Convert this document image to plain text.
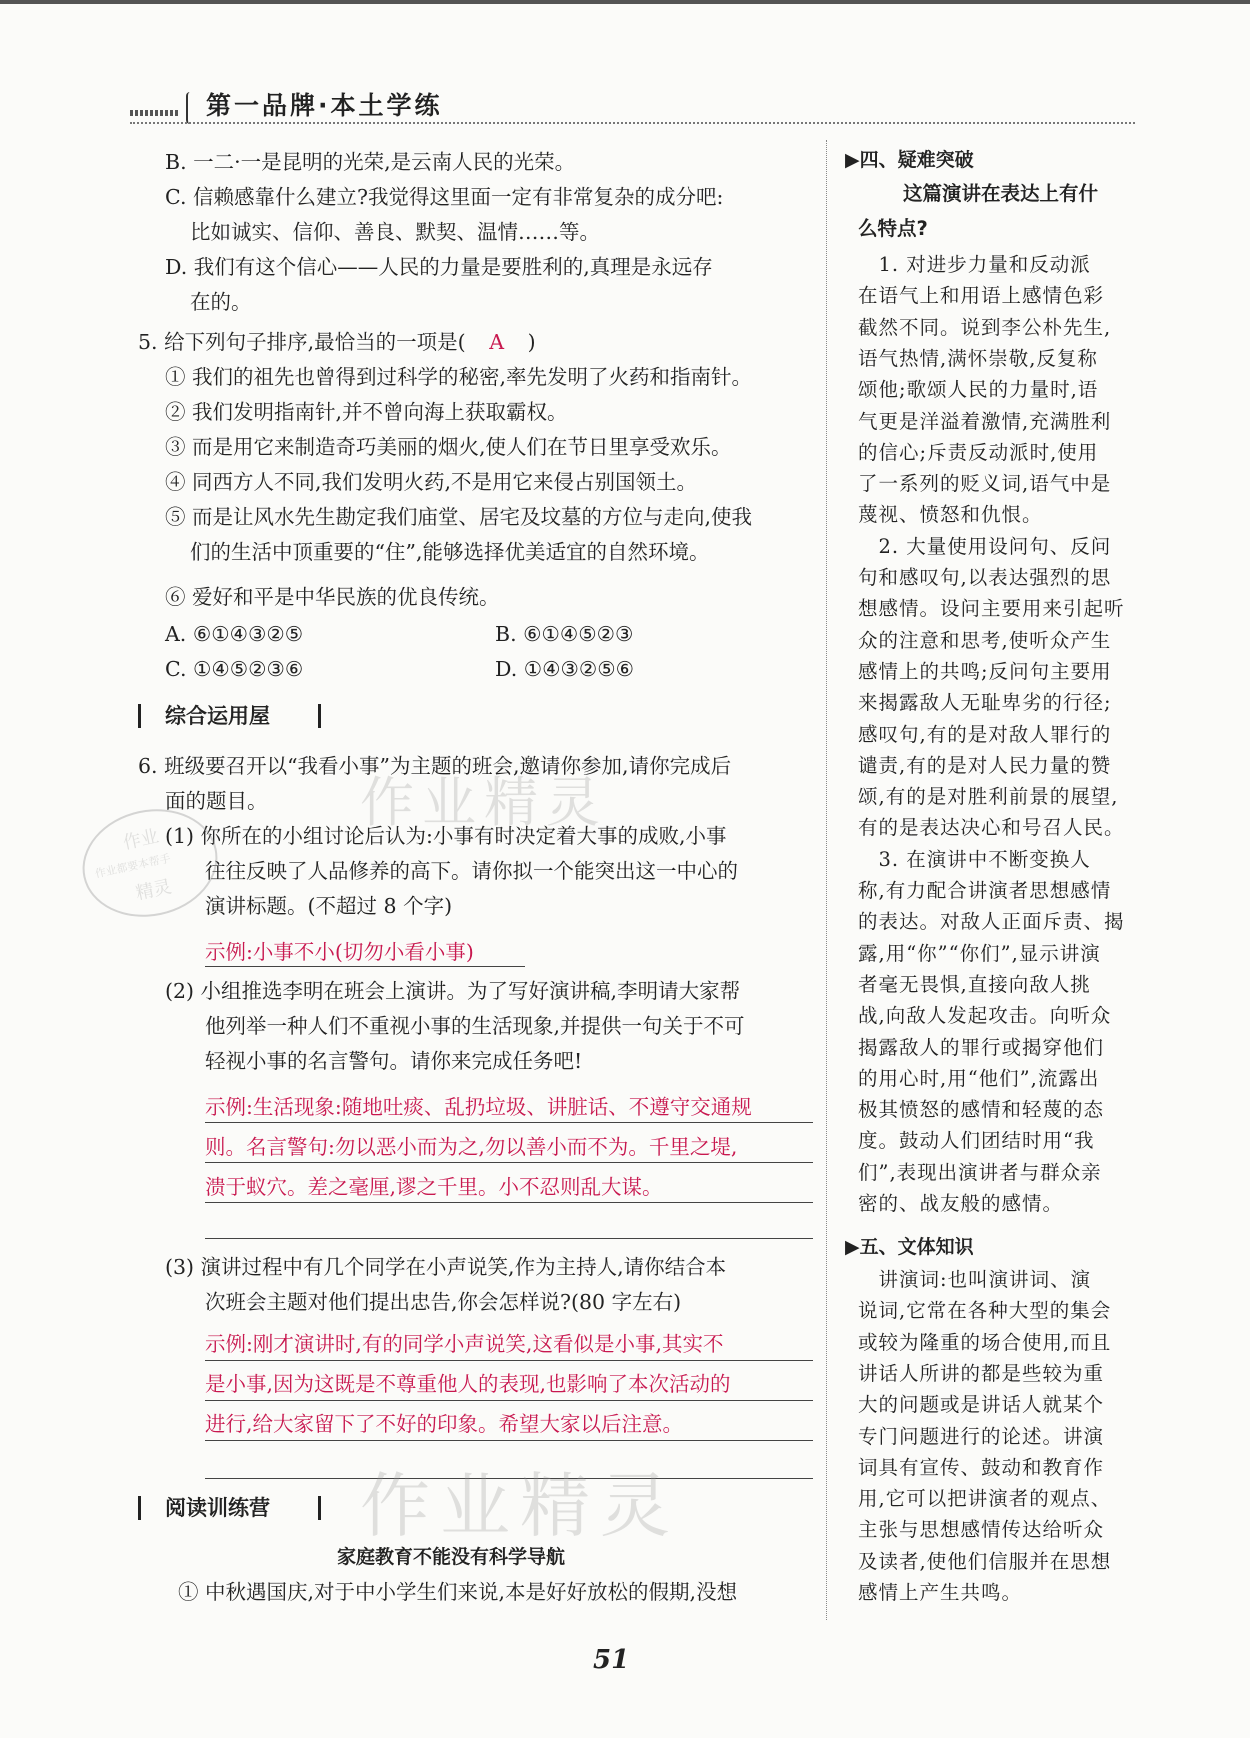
第一品牌·本土学练
B. 一二·一是昆明的光荣,是云南人民的光荣。
C. 信赖感靠什么建立?我觉得这里面一定有非常复杂的成分吧:
比如诚实、信仰、善良、默契、温情……等。
D. 我们有这个信心——人民的力量是要胜利的,真理是永远存
在的。
5. 给下列句子排序,最恰当的一项是( A )
① 我们的祖先也曾得到过科学的秘密,率先发明了火药和指南针。
② 我们发明指南针,并不曾向海上获取霸权。
③ 而是用它来制造奇巧美丽的烟火,使人们在节日里享受欢乐。
④ 同西方人不同,我们发明火药,不是用它来侵占别国领土。
⑤ 而是让风水先生勘定我们庙堂、居宅及坟墓的方位与走向,使我
们的生活中顶重要的“住”,能够选择优美适宜的自然环境。
⑥ 爱好和平是中华民族的优良传统。
A. ⑥①④③②⑤	B. ⑥①④⑤②③
C. ①④⑤②③⑥	D. ①④③②⑤⑥
综合运用屋
6. 班级要召开以“我看小事”为主题的班会,邀请你参加,请你完成后
面的题目。
(1) 你所在的小组讨论后认为:小事有时决定着大事的成败,小事
往往反映了人品修养的高下。请你拟一个能突出这一中心的
演讲标题。(不超过 8 个字)
示例:小事不小(切勿小看小事)
(2) 小组推选李明在班会上演讲。为了写好演讲稿,李明请大家帮
他列举一种人们不重视小事的生活现象,并提供一句关于不可
轻视小事的名言警句。请你来完成任务吧!
示例:生活现象:随地吐痰、乱扔垃圾、讲脏话、不遵守交通规
则。名言警句:勿以恶小而为之,勿以善小而不为。千里之堤,
溃于蚁穴。差之毫厘,谬之千里。小不忍则乱大谋。
(3) 演讲过程中有几个同学在小声说笑,作为主持人,请你结合本
次班会主题对他们提出忠告,你会怎样说?(80 字左右)
示例:刚才演讲时,有的同学小声说笑,这看似是小事,其实不
是小事,因为这既是不尊重他人的表现,也影响了本次活动的
进行,给大家留下了不好的印象。希望大家以后注意。
阅读训练营
家庭教育不能没有科学导航
① 中秋遇国庆,对于中小学生们来说,本是好好放松的假期,没想
▶四、疑难突破
这篇演讲在表达上有什
么特点?
　1. 对进步力量和反动派
在语气上和用语上感情色彩
截然不同。说到李公朴先生,
语气热情,满怀崇敬,反复称
颂他;歌颂人民的力量时,语
气更是洋溢着激情,充满胜利
的信心;斥责反动派时,使用
了一系列的贬义词,语气中是
蔑视、愤怒和仇恨。
　2. 大量使用设问句、反问
句和感叹句,以表达强烈的思
想感情。设问主要用来引起听
众的注意和思考,使听众产生
感情上的共鸣;反问句主要用
来揭露敌人无耻卑劣的行径;
感叹句,有的是对敌人罪行的
谴责,有的是对人民力量的赞
颂,有的是对胜利前景的展望,
有的是表达决心和号召人民。
　3. 在演讲中不断变换人
称,有力配合讲演者思想感情
的表达。对敌人正面斥责、揭
露,用“你”“你们”,显示讲演
者毫无畏惧,直接向敌人挑
战,向敌人发起攻击。向听众
揭露敌人的罪行或揭穿他们
的用心时,用“他们”,流露出
极其愤怒的感情和轻蔑的态
度。鼓动人们团结时用“我
们”,表现出演讲者与群众亲
密的、战友般的感情。
▶五、文体知识
　讲演词:也叫演讲词、演
说词,它常在各种大型的集会
或较为隆重的场合使用,而且
讲话人所讲的都是些较为重
大的问题或是讲话人就某个
专门问题进行的论述。讲演
词具有宣传、鼓动和教育作
用,它可以把讲演者的观点、
主张与思想感情传达给听众
及读者,使他们信服并在思想
感情上产生共鸣。
作业
作业都要本帮手
精灵
作业精灵
作业精灵
51
